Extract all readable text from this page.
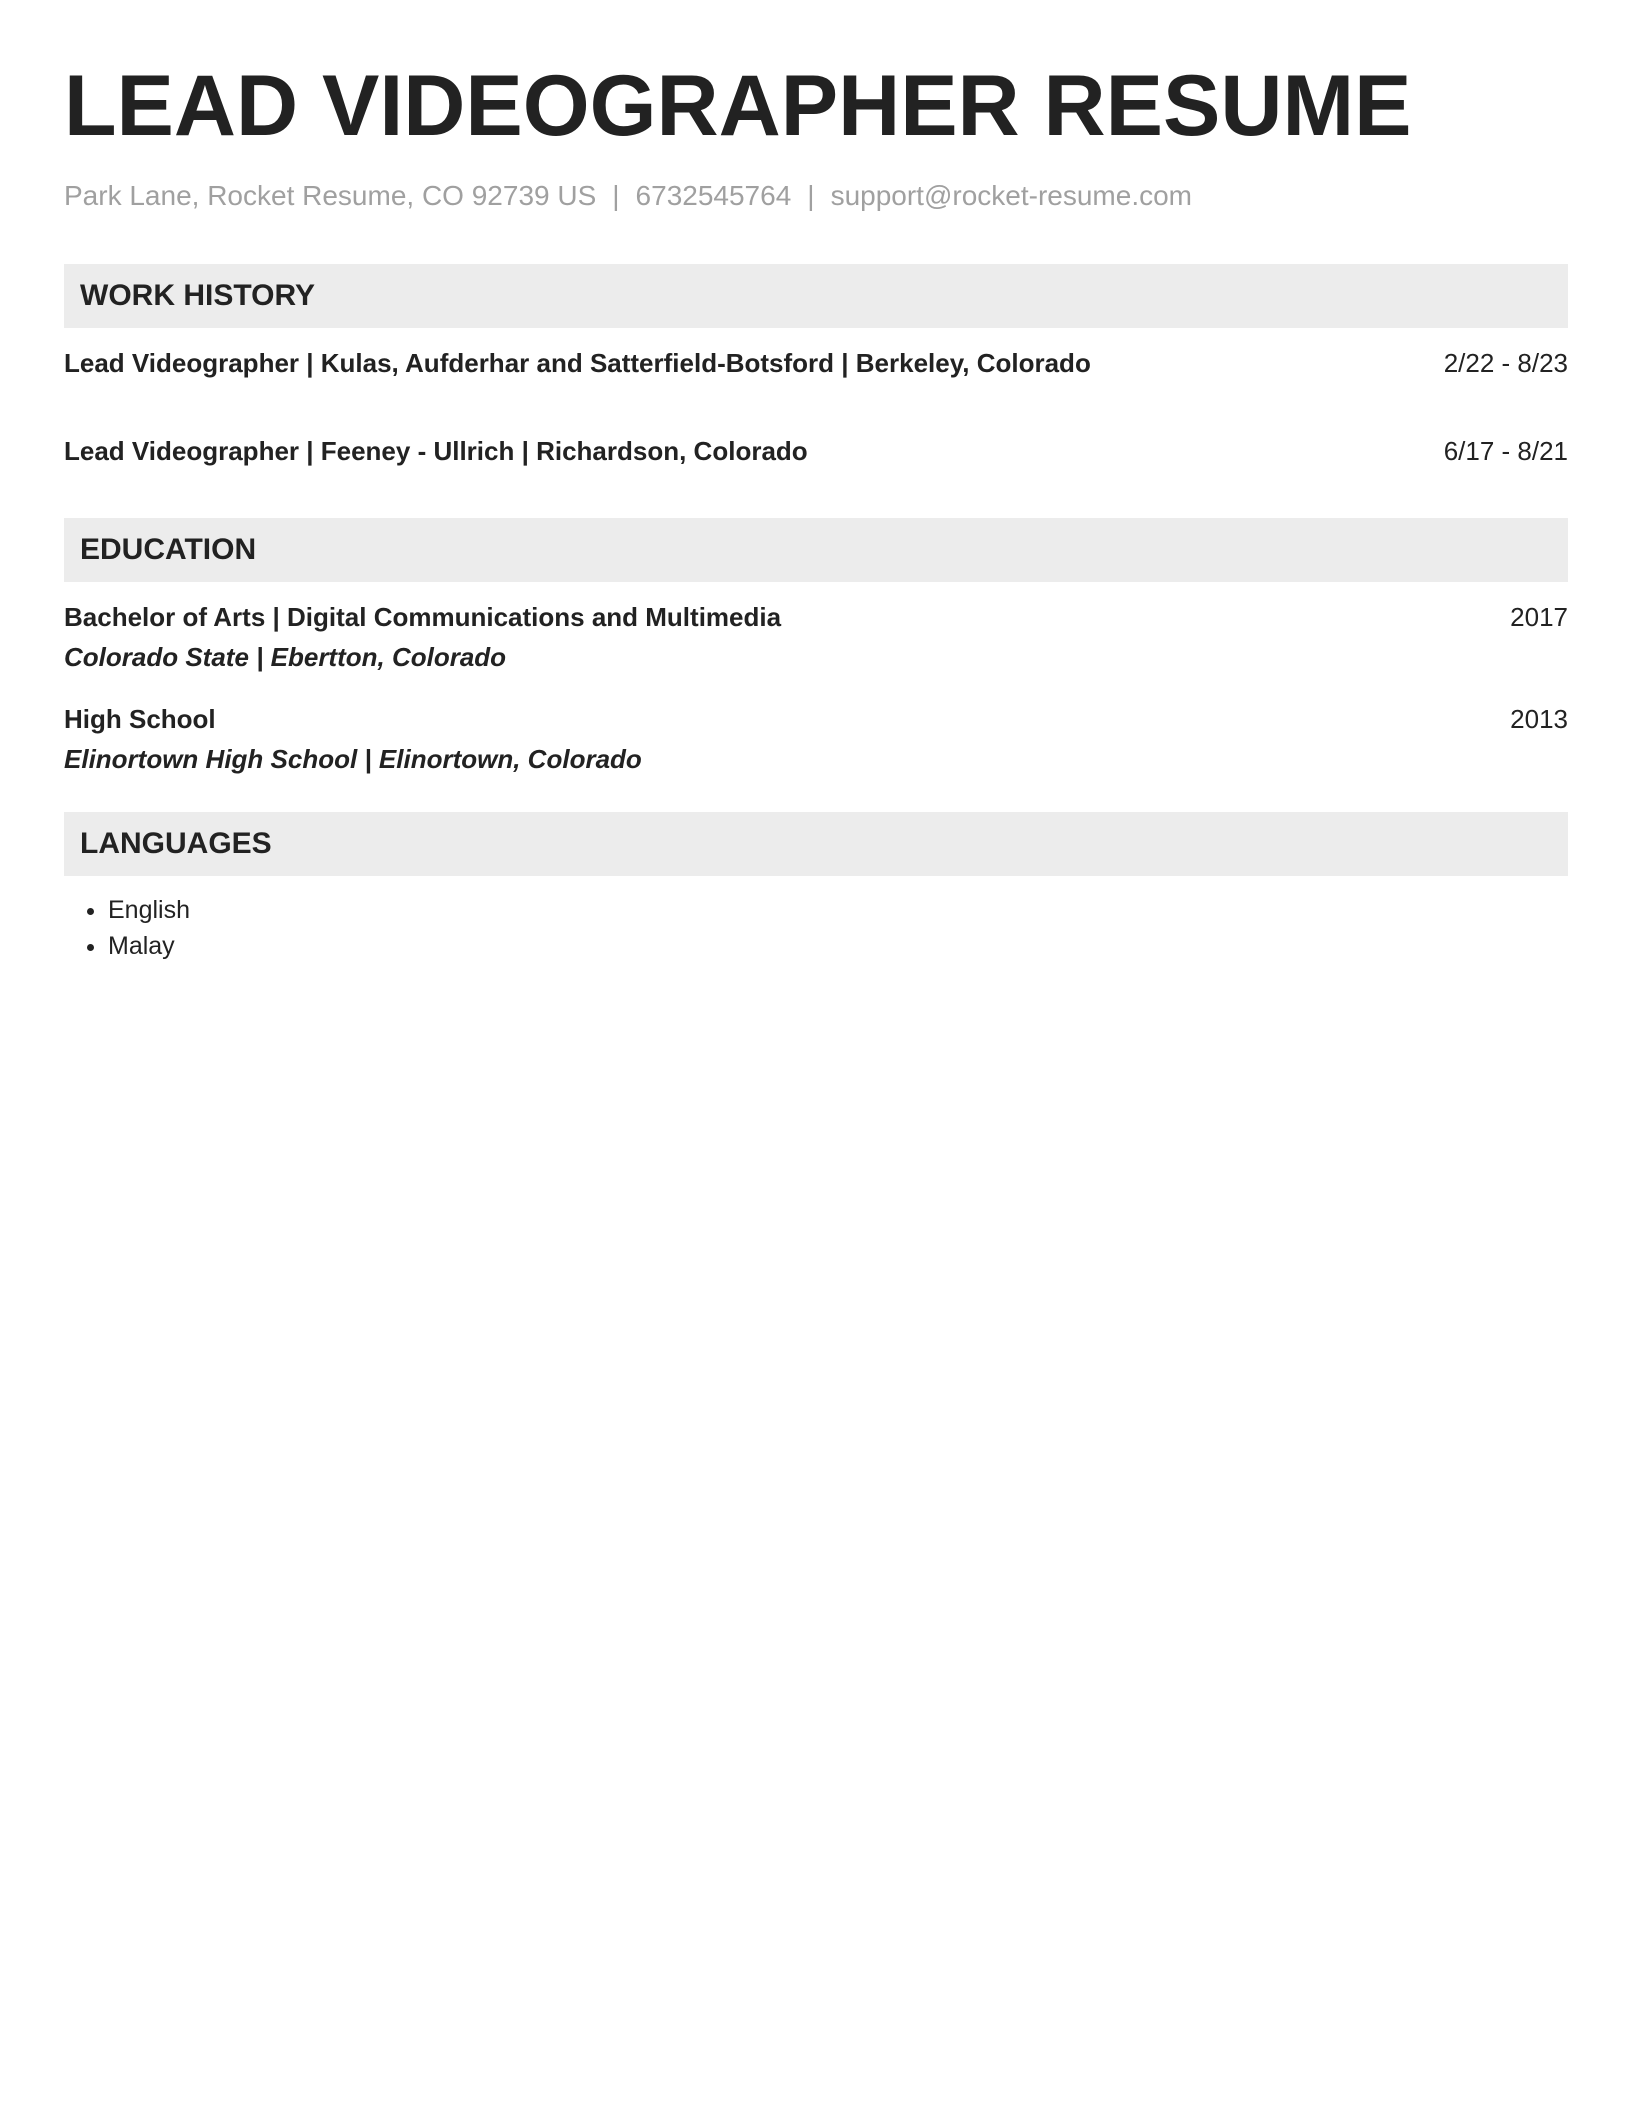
LEAD VIDEOGRAPHER RESUME
Park Lane, Rocket Resume, CO 92739 US | 6732545764 | support@rocket-resume.com
WORK HISTORY
Lead Videographer | Kulas, Aufderhar and Satterfield-Botsford | Berkeley, Colorado	2/22 - 8/23
Lead Videographer | Feeney - Ullrich | Richardson, Colorado	6/17 - 8/21
EDUCATION
Bachelor of Arts | Digital Communications and Multimedia	2017
Colorado State | Ebertton, Colorado
High School	2013
Elinortown High School | Elinortown, Colorado
LANGUAGES
• English
• Malay
